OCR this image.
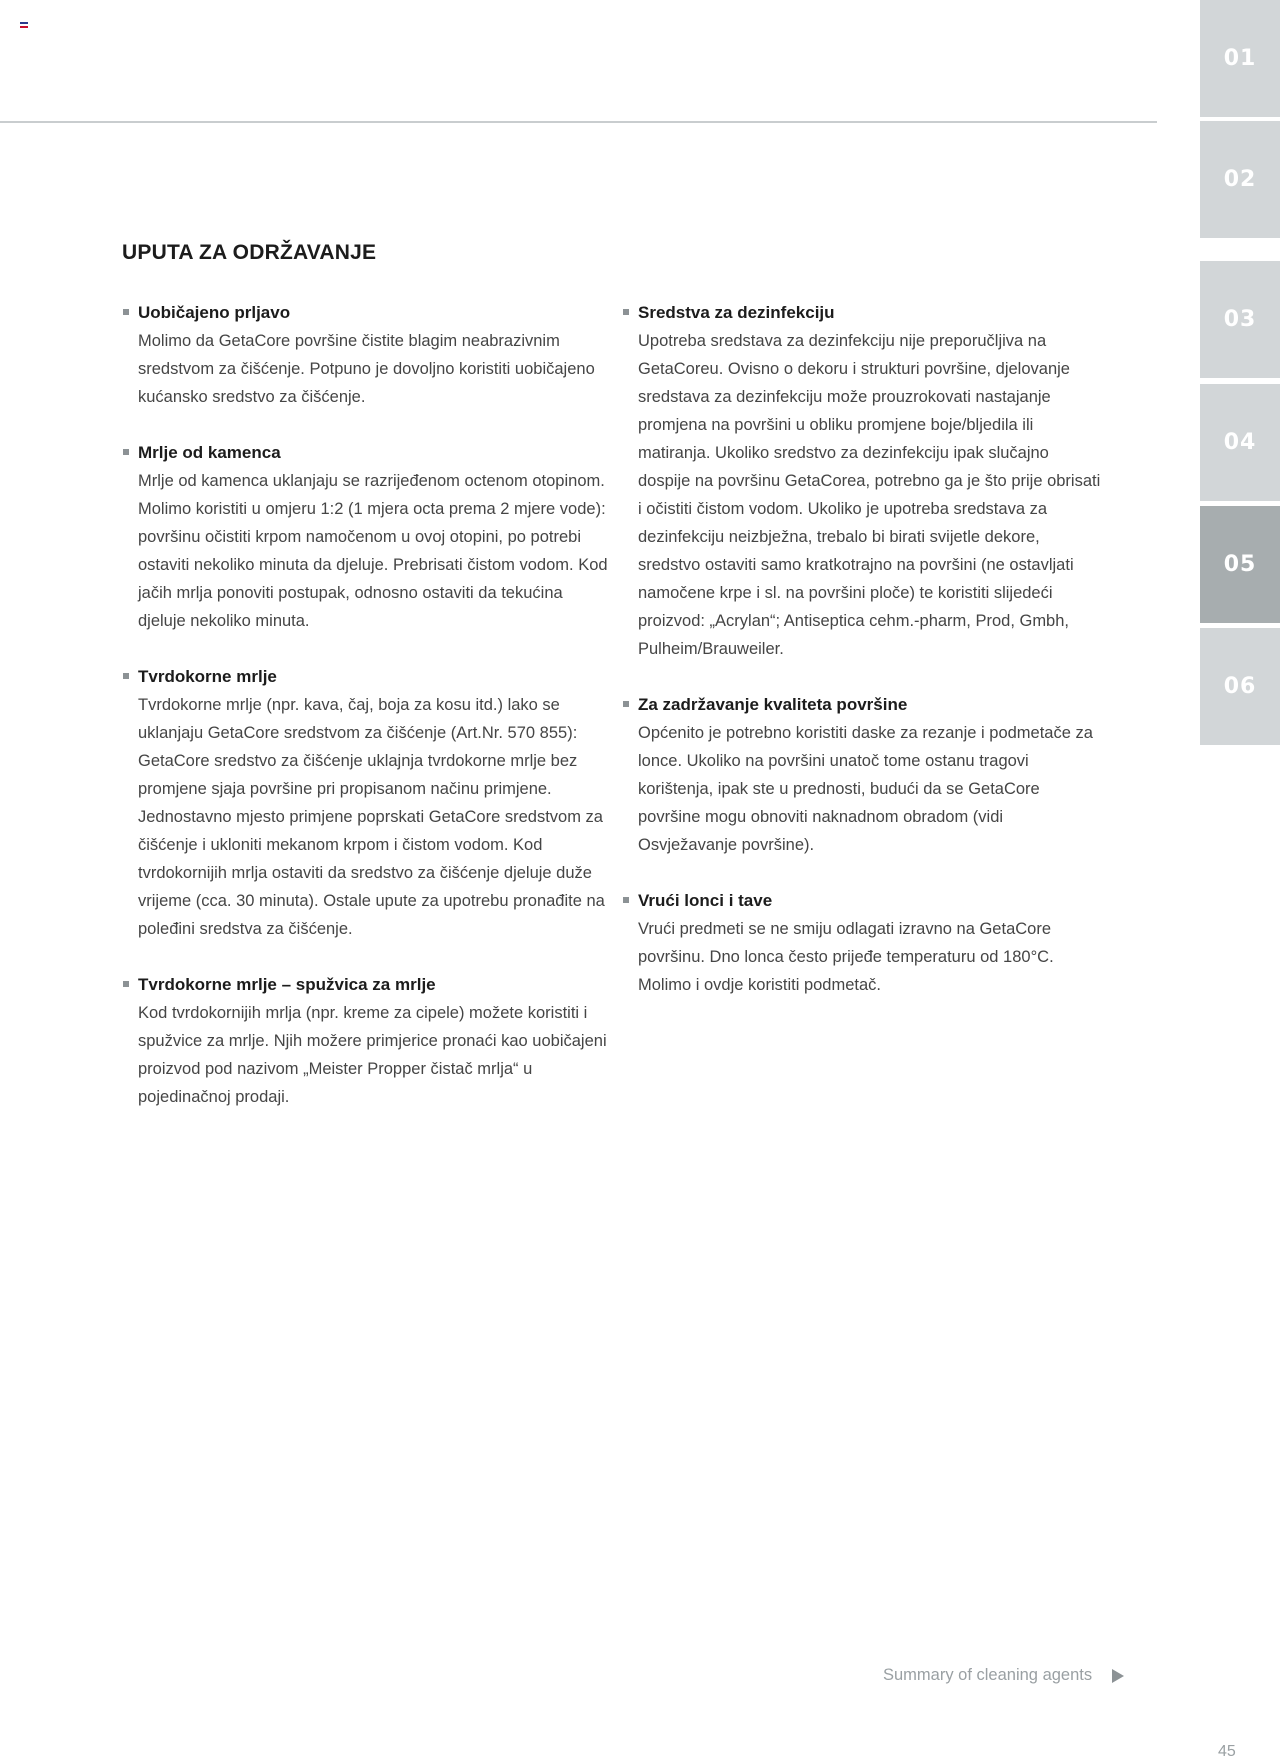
01
02
03
04
05
06
UPUTA ZA ODRŽAVANJE
Uobičajeno prljavo

Molimo da GetaCore površine čistite blagim neabrazivnim sredstvom za čišćenje. Potpuno je dovoljno koristiti uobičajeno kućansko sredstvo za čišćenje.

Mrlje od kamenca

Mrlje od kamenca uklanjaju se razrijeđenom octenom otopinom. Molimo koristiti u omjeru 1:2 (1 mjera octa prema 2 mjere vode): površinu očistiti krpom namočenom u ovoj otopini, po potrebi ostaviti nekoliko minuta da djeluje. Prebrisati čistom vodom. Kod jačih mrlja ponoviti postupak, odnosno ostaviti da tekućina djeluje nekoliko minuta.

Tvrdokorne mrlje

Tvrdokorne mrlje (npr. kava, čaj, boja za kosu itd.) lako se uklanjaju GetaCore sredstvom za čišćenje (Art.Nr. 570 855): GetaCore sredstvo za čišćenje uklajnja tvrdokorne mrlje bez promjene sjaja površine pri propisanom načinu primjene. Jednostavno mjesto primjene poprskati GetaCore sredstvom za čišćenje i ukloniti mekanom krpom i čistom vodom. Kod tvrdokornijih mrlja ostaviti da sredstvo za čišćenje djeluje duže vrijeme (cca. 30 minuta). Ostale upute za upotrebu pronađite na poleđini sredstva za čišćenje.

Tvrdokorne mrlje – spužvica za mrlje

Kod tvrdokornijih mrlja (npr. kreme za cipele) možete koristiti i spužvice za mrlje. Njih možere primjerice pronaći kao uobičajeni proizvod pod nazivom „Meister Propper čistač mrlja“ u pojedinačnoj prodaji.

Sredstva za dezinfekciju

Upotreba sredstava za dezinfekciju nije preporučljiva na GetaCoreu. Ovisno o dekoru i strukturi površine, djelovanje sredstava za dezinfekciju može prouzrokovati nastajanje promjena na površini u obliku promjene boje/bljedila ili matiranja. Ukoliko sredstvo za dezinfekciju ipak slučajno dospije na površinu GetaCorea, potrebno ga je što prije obrisati i očistiti čistom vodom. Ukoliko je upotreba sredstava za dezinfekciju neizbježna, trebalo bi birati svijetle dekore, sredstvo ostaviti samo kratkotrajno na površini (ne ostavljati namočene krpe i sl. na površini ploče) te koristiti slijedeći proizvod: „Acrylan“; Antiseptica cehm.-pharm, Prod, Gmbh, Pulheim/Brauweiler.

Za zadržavanje kvaliteta površine

Općenito je potrebno koristiti daske za rezanje i podmetače za lonce. Ukoliko na površini unatoč tome ostanu tragovi korištenja, ipak ste u prednosti, budući da se GetaCore površine mogu obnoviti naknadnom obradom (vidi Osvježavanje površine).

Vrući lonci i tave

Vrući predmeti se ne smiju odlagati izravno na GetaCore površinu. Dno lonca često prijeđe temperaturu od 180°C. Molimo i ovdje koristiti podmetač.

Summary of cleaning agents
45
